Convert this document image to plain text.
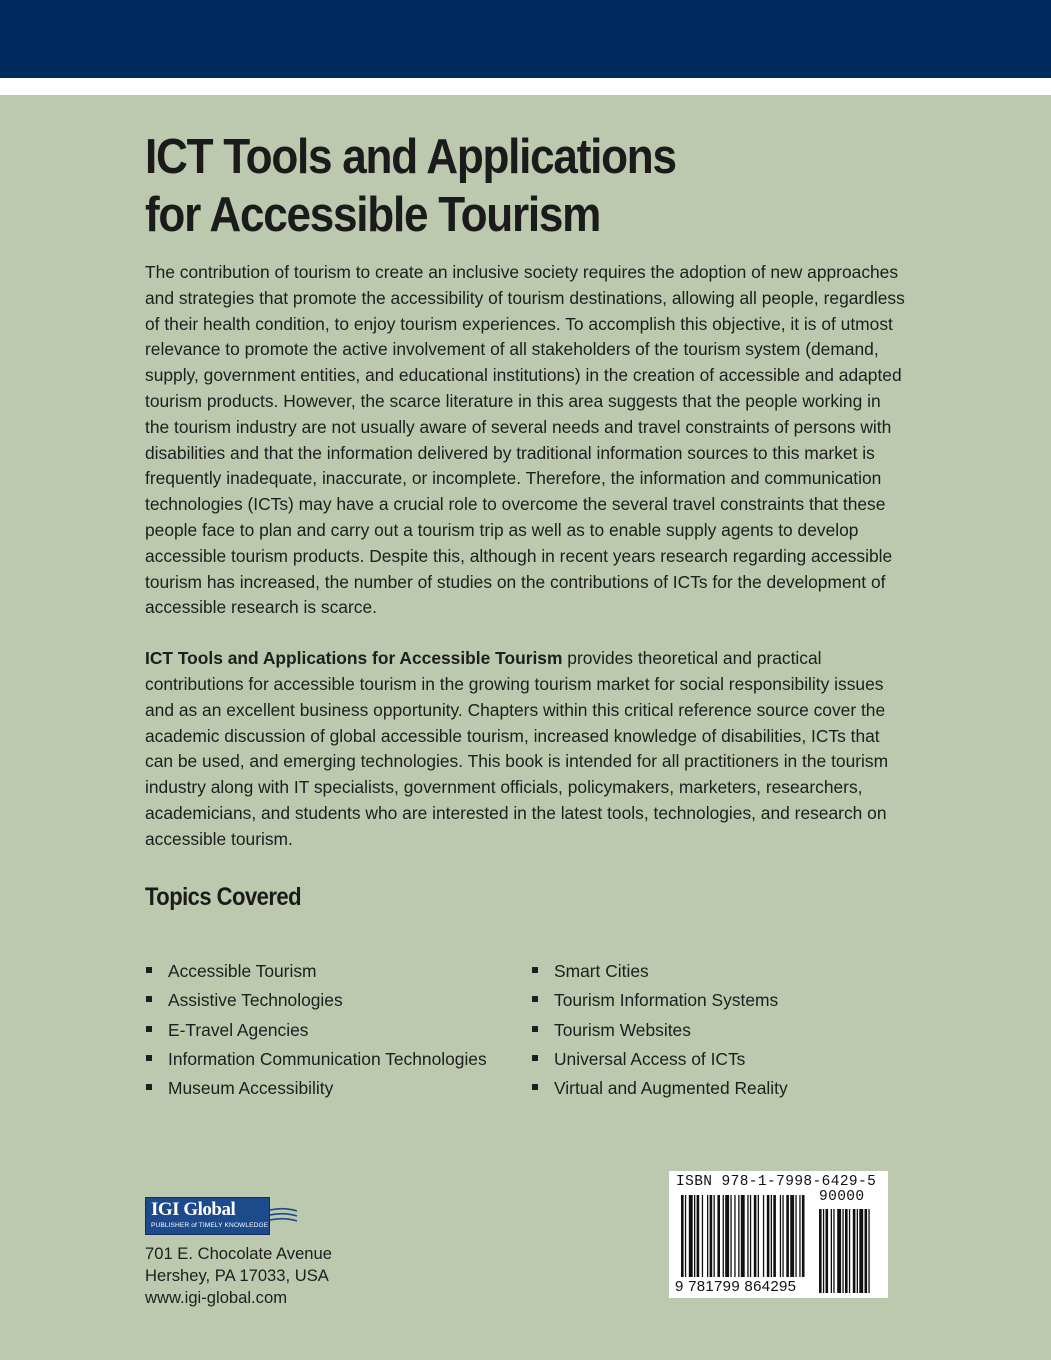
ICT Tools and Applications
for Accessible Tourism

The contribution of tourism to create an inclusive society requires the adoption of new approaches and strategies that promote the accessibility of tourism destinations, allowing all people, regardless of their health condition, to enjoy tourism experiences. To accomplish this objective, it is of utmost relevance to promote the active involvement of all stakeholders of the tourism system (demand, supply, government entities, and educational institutions) in the creation of accessible and adapted tourism products. However, the scarce literature in this area suggests that the people working in the tourism industry are not usually aware of several needs and travel constraints of persons with disabilities and that the information delivered by traditional information sources to this market is frequently inadequate, inaccurate, or incomplete. Therefore, the information and communication technologies (ICTs) may have a crucial role to overcome the several travel constraints that these people face to plan and carry out a tourism trip as well as to enable supply agents to develop accessible tourism products. Despite this, although in recent years research regarding accessible tourism has increased, the number of studies on the contributions of ICTs for the development of accessible research is scarce.

ICT Tools and Applications for Accessible Tourism provides theoretical and practical contributions for accessible tourism in the growing tourism market for social responsibility issues and as an excellent business opportunity. Chapters within this critical reference source cover the academic discussion of global accessible tourism, increased knowledge of disabilities, ICTs that can be used, and emerging technologies. This book is intended for all practitioners in the tourism industry along with IT specialists, government officials, policymakers, marketers, researchers, academicians, and students who are interested in the latest tools, technologies, and research on accessible tourism.

Topics Covered
Accessible Tourism
Assistive Technologies
E-Travel Agencies
Information Communication Technologies
Museum Accessibility
Smart Cities
Tourism Information Systems
Tourism Websites
Universal Access of ICTs
Virtual and Augmented Reality
IGI Global
PUBLISHER of TIMELY KNOWLEDGE
701 E. Chocolate Avenue
Hershey, PA 17033, USA
www.igi-global.com
ISBN 978-1-7998-6429-5
90000
9 781799 864295
